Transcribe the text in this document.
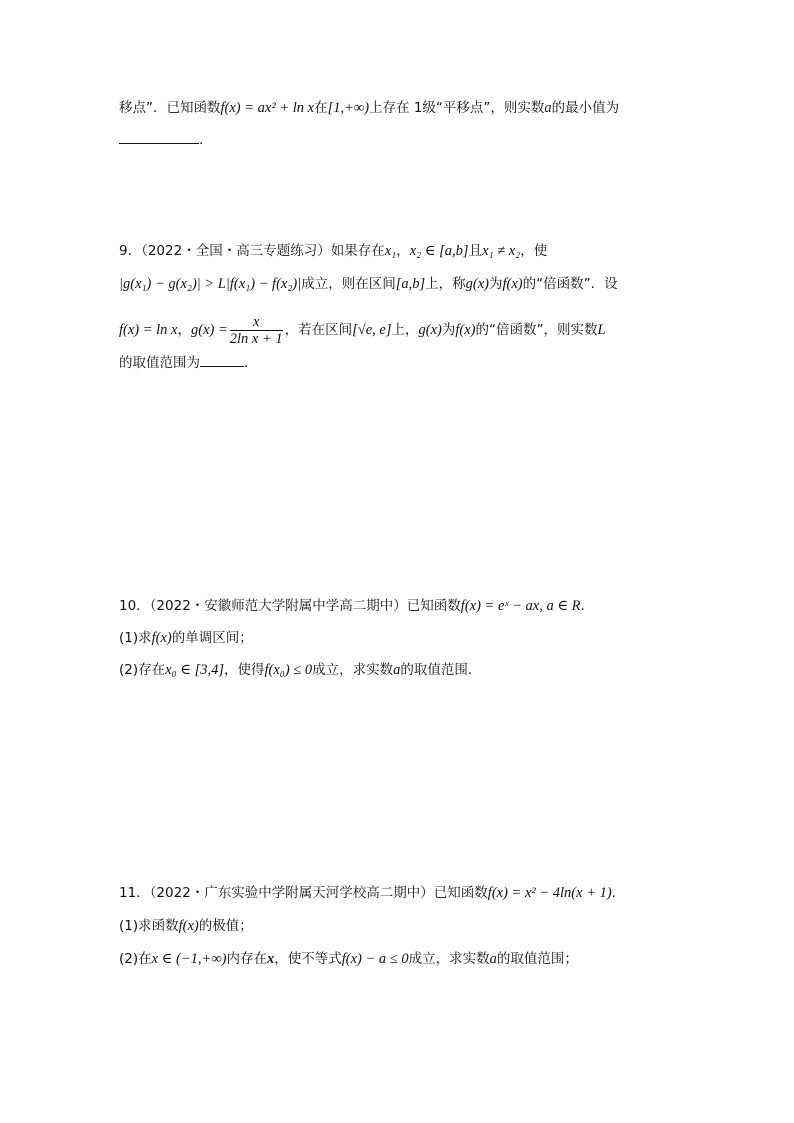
移点”．已知函数f(x) = ax² + ln x在[1,+∞)上存在 1级“平移点”，则实数a的最小值为
.
9．（2022・全国・高三专题练习）如果存在x₁，x₂ ∈ [a,b]且x₁ ≠ x₂，使
|g(x₁) − g(x₂)| > L|f(x₁) − f(x₂)|成立，则在区间[a,b]上，称g(x)为f(x)的“倍函数”．设
f(x) = ln x，$g(x) = \frac{x}{\text{2ln x + 1}}$ ，若在区间[√e, e]上，g(x)为f(x)的“倍函数”，则实数L
的取值范围为	．
10．（2022・安徽师范大学附属中学高二期中）已知函数f(x) = eˣ − ax, a ∈ R．
(1)求f(x)的单调区间；
(2)存在x₀ ∈ [3,4]，使得f(x₀) ≤ 0成立，求实数a的取值范围．
11．（2022・广东实验中学附属天河学校高二期中）已知函数f(x) = x² − 4ln(x + 1)．
(1)求函数f(x)的极值；
(2)在x ∈ (−1,+∞)内存在x，使不等式f(x) − a ≤ 0成立，求实数a的取值范围；
